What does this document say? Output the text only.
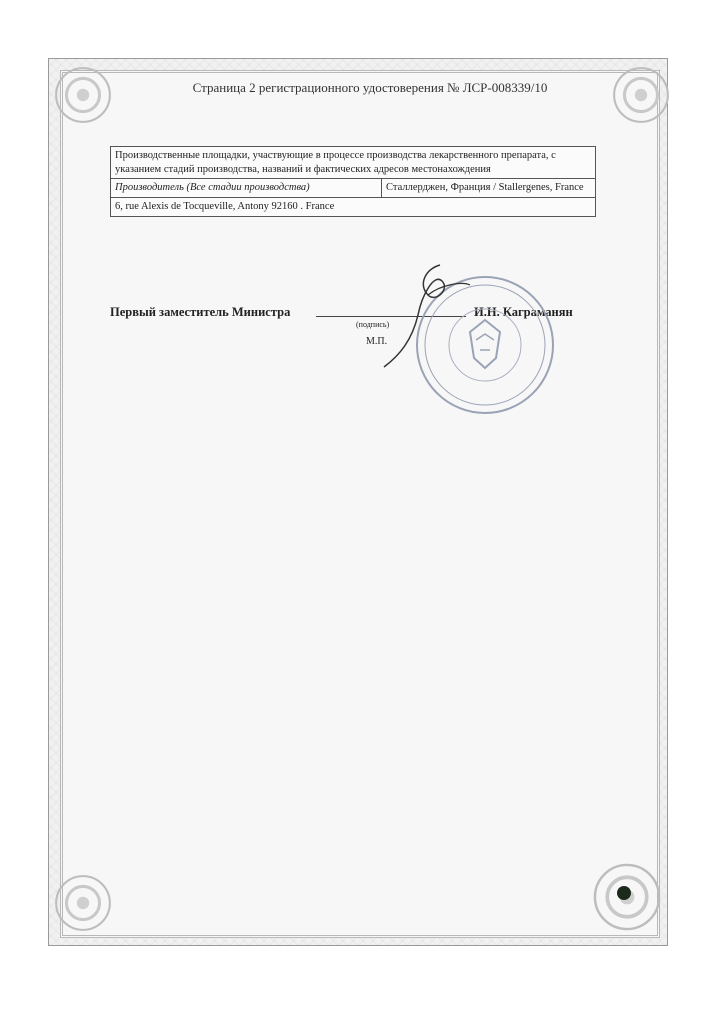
Страница 2 регистрационного удостоверения № ЛСР-008339/10
Производственные площадки, участвующие в процессе производства лекарственного препарата, с указанием стадий производства, названий и фактических адресов местонахождения
Производитель (Все стадии производства)	Сталлерджен, Франция / Stallergenes, France
6, rue Alexis de Tocqueville, Antony 92160 . France
Первый заместитель Министра
(подпись)
М.П.
И.Н. Каграманян
